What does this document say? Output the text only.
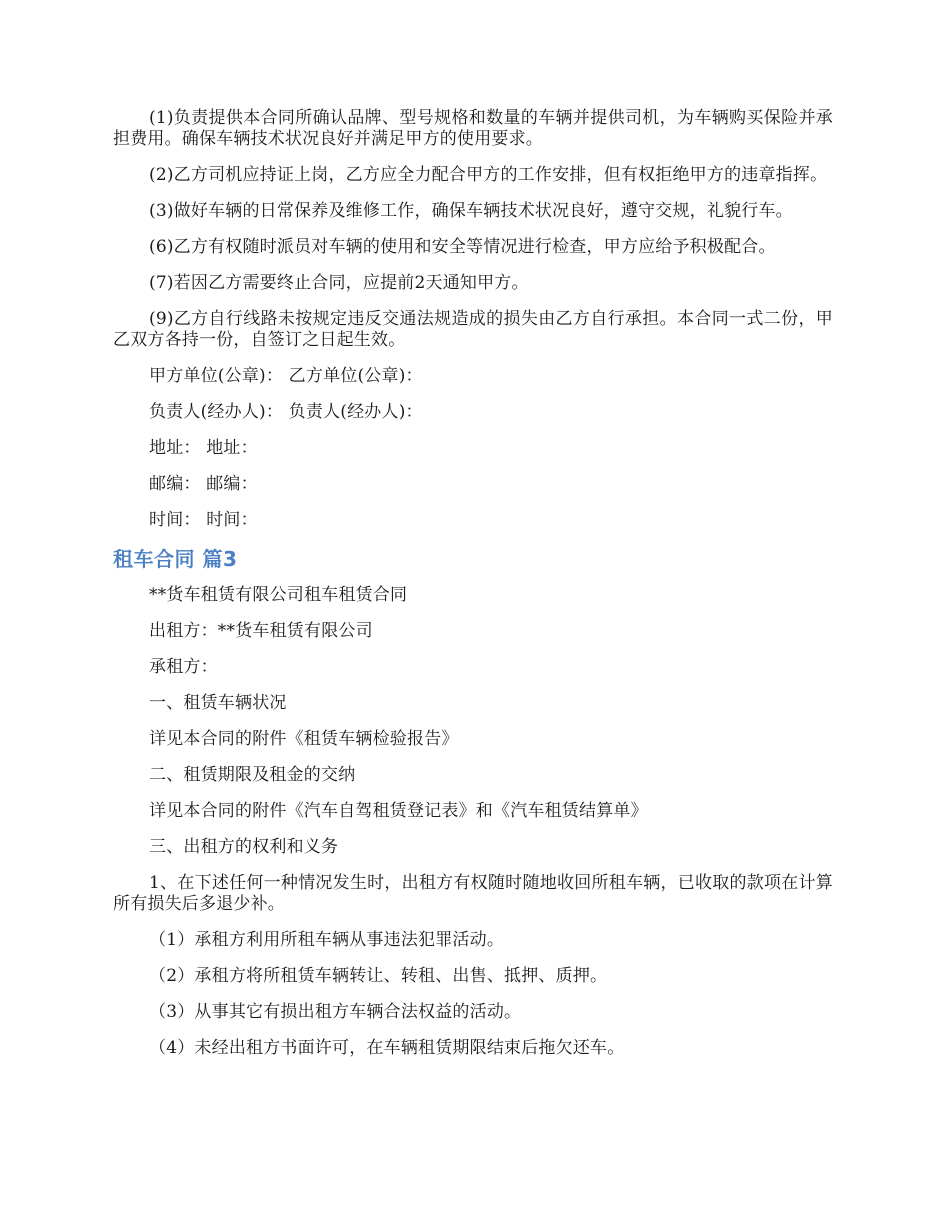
(1)负责提供本合同所确认品牌、型号规格和数量的车辆并提供司机，为车辆购买保险并承担费用。确保车辆技术状况良好并满足甲方的使用要求。

(2)乙方司机应持证上岗，乙方应全力配合甲方的工作安排，但有权拒绝甲方的违章指挥。

(3)做好车辆的日常保养及维修工作，确保车辆技术状况良好，遵守交规，礼貌行车。

(6)乙方有权随时派员对车辆的使用和安全等情况进行检查，甲方应给予积极配合。

(7)若因乙方需要终止合同，应提前2天通知甲方。

(9)乙方自行线路未按规定违反交通法规造成的损失由乙方自行承担。本合同一式二份，甲乙双方各持一份，自签订之日起生效。

甲方单位(公章)： 乙方单位(公章)：

负责人(经办人)： 负责人(经办人)：

地址： 地址：

邮编： 邮编：

时间： 时间：

租车合同 篇3

**货车租赁有限公司租车租赁合同

出租方：**货车租赁有限公司

承租方：

一、租赁车辆状况

详见本合同的附件《租赁车辆检验报告》

二、租赁期限及租金的交纳

详见本合同的附件《汽车自驾租赁登记表》和《汽车租赁结算单》

三、出租方的权利和义务

1、在下述任何一种情况发生时，出租方有权随时随地收回所租车辆，已收取的款项在计算所有损失后多退少补。

（1）承租方利用所租车辆从事违法犯罪活动。

（2）承租方将所租赁车辆转让、转租、出售、抵押、质押。

（3）从事其它有损出租方车辆合法权益的活动。

（4）未经出租方书面许可，在车辆租赁期限结束后拖欠还车。
